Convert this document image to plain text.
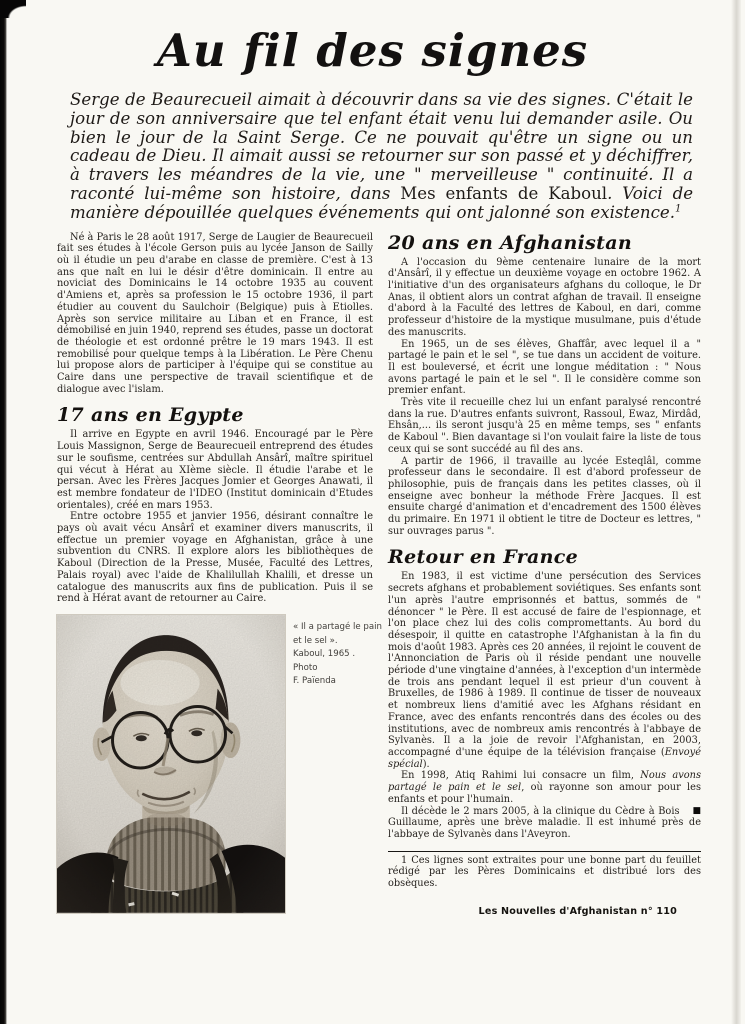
Au fil des signes

Serge de Beaurecueil aimait à découvrir dans sa vie des signes. C'était le jour de son anniversaire que tel enfant était venu lui demander asile. Ou bien le jour de la Saint Serge. Ce ne pouvait qu'être un signe ou un cadeau de Dieu. Il aimait aussi se retourner sur son passé et y déchiffrer, à travers les méandres de la vie, une " merveilleuse " continuité. Il a raconté lui-même son histoire, dans Mes enfants de Kaboul. Voici de manière dépouillée quelques événements qui ont jalonné son existence.$^1$

Né à Paris le 28 août 1917, Serge de Laugier de Beaurecueil fait ses études à l'école Gerson puis au lycée Janson de Sailly où il étudie un peu d'arabe en classe de première. C'est à 13 ans que naît en lui le désir d'être dominicain. Il entre au noviciat des Dominicains le 14 octobre 1935 au couvent d'Amiens et, après sa profession le 15 octobre 1936, il part étudier au couvent du Saulchoir (Belgique) puis à Etiolles. Après son service militaire au Liban et en France, il est démobilisé en juin 1940, reprend ses études, passe un doctorat de théologie et est ordonné prêtre le 19 mars 1943. Il est remobilisé pour quelque temps à la Libération. Le Père Chenu lui propose alors de participer à l'équipe qui se constitue au Caire dans une perspective de travail scientifique et de dialogue avec l'islam.

17 ans en Egypte

Il arrive en Egypte en avril 1946. Encouragé par le Père Louis Massignon, Serge de Beaurecueil entreprend des études sur le soufisme, centrées sur Abdullah Ansârî, maître spirituel qui vécut à Hérat au XIème siècle. Il étudie l'arabe et le persan. Avec les Frères Jacques Jomier et Georges Anawati, il est membre fondateur de l'IDEO (Institut dominicain d'Etudes orientales), créé en mars 1953.

Entre octobre 1955 et janvier 1956, désirant connaître le pays où avait vécu Ansârî et examiner divers manuscrits, il effectue un premier voyage en Afghanistan, grâce à une subvention du CNRS. Il explore alors les bibliothèques de Kaboul (Direction de la Presse, Musée, Faculté des Lettres, Palais royal) avec l'aide de Khalilullah Khalili, et dresse un catalogue des manuscrits aux fins de publication. Puis il se rend à Hérat avant de retourner au Caire.

« Il a partagé le pain
et le sel ».
Kaboul, 1965 .
Photo
F. Païenda
20 ans en Afghanistan

A l'occasion du 9ème centenaire lunaire de la mort d'Ansârî, il y effectue un deuxième voyage en octobre 1962. A l'initiative d'un des organisateurs afghans du colloque, le Dr Anas, il obtient alors un contrat afghan de travail. Il enseigne d'abord à la Faculté des lettres de Kaboul, en dari, comme professeur d'histoire de la mystique musulmane, puis d'étude des manuscrits.

En 1965, un de ses élèves, Ghaffâr, avec lequel il a " partagé le pain et le sel ", se tue dans un accident de voiture. Il est bouleversé, et écrit une longue méditation : " Nous avons partagé le pain et le sel ". Il le considère comme son premier enfant.

Très vite il recueille chez lui un enfant paralysé rencontré dans la rue. D'autres enfants suivront, Rassoul, Ewaz, Mirdâd, Ehsân,... ils seront jusqu'à 25 en même temps, ses " enfants de Kaboul ". Bien davantage si l'on voulait faire la liste de tous ceux qui se sont succédé au fil des ans.

A partir de 1966, il travaille au lycée Esteqlâl, comme professeur dans le secondaire. Il est d'abord professeur de philosophie, puis de français dans les petites classes, où il enseigne avec bonheur la méthode Frère Jacques. Il est ensuite chargé d'animation et d'encadrement des 1500 élèves du primaire. En 1971 il obtient le titre de Docteur es lettres, " sur ouvrages parus ".

Retour en France

En 1983, il est victime d'une persécution des Services secrets afghans et probablement soviétiques. Ses enfants sont l'un après l'autre emprisonnés et battus, sommés de " dénoncer " le Père. Il est accusé de faire de l'espionnage, et l'on place chez lui des colis compromettants. Au bord du désespoir, il quitte en catastrophe l'Afghanistan à la fin du mois d'août 1983. Après ces 20 années, il rejoint le couvent de l'Annonciation de Paris où il réside pendant une nouvelle période d'une vingtaine d'années, à l'exception d'un intermède de trois ans pendant lequel il est prieur d'un couvent à Bruxelles, de 1986 à 1989. Il continue de tisser de nouveaux et nombreux liens d'amitié avec les Afghans résidant en France, avec des enfants rencontrés dans des écoles ou des institutions, avec de nombreux amis rencontrés à l'abbaye de Sylvanès. Il a la joie de revoir l'Afghanistan, en 2003, accompagné d'une équipe de la télévision française (Envoyé spécial).

En 1998, Atiq Rahimi lui consacre un film, Nous avons partagé le pain et le sel, où rayonne son amour pour les enfants et pour l'humain.

■
Il décède le 2 mars 2005, à la clinique du Cèdre à Bois Guillaume, après une brève maladie. Il est inhumé près de l'abbaye de Sylvanès dans l'Aveyron.

1 Ces lignes sont extraites pour une bonne part du feuillet rédigé par les Pères Dominicains et distribué lors des obsèques.

Les Nouvelles d'Afghanistan n° 110
